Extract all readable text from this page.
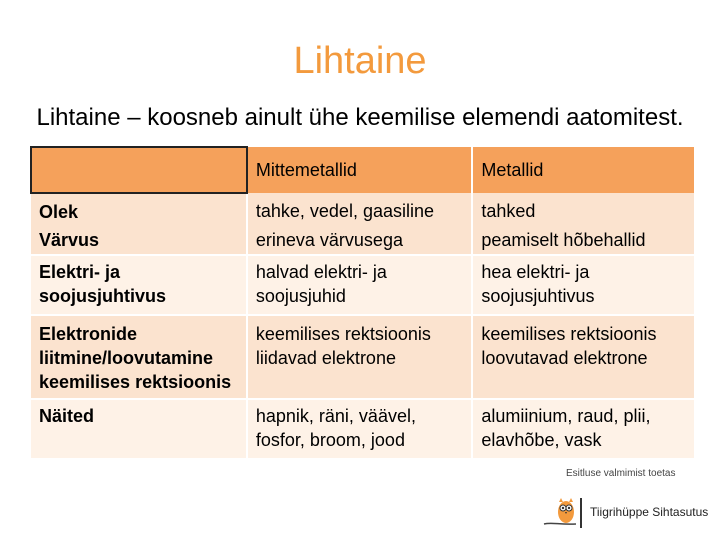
Lihtaine
Lihtaine – koosneb ainult ühe keemilise elemendi aatomitest.
	Mittemetallid	Metallid
Olek	tahke, vedel, gaasiline	tahked
Värvus	erineva värvusega	peamiselt hõbehallid
Elektri- ja soojusjuhtivus	halvad elektri- ja soojusjuhid	hea elektri- ja soojusjuhtivus
Elektronide liitmine/loovutamine keemilises rektsioonis	keemilises rektsioonis liidavad elektrone	keemilises rektsioonis loovutavad elektrone
Näited	hapnik, räni, väävel, fosfor, broom, jood	alumiinium, raud, plii, elavhõbe, vask
Esitluse valmimist toetas
Tiigrihüppe Sihtasutus
